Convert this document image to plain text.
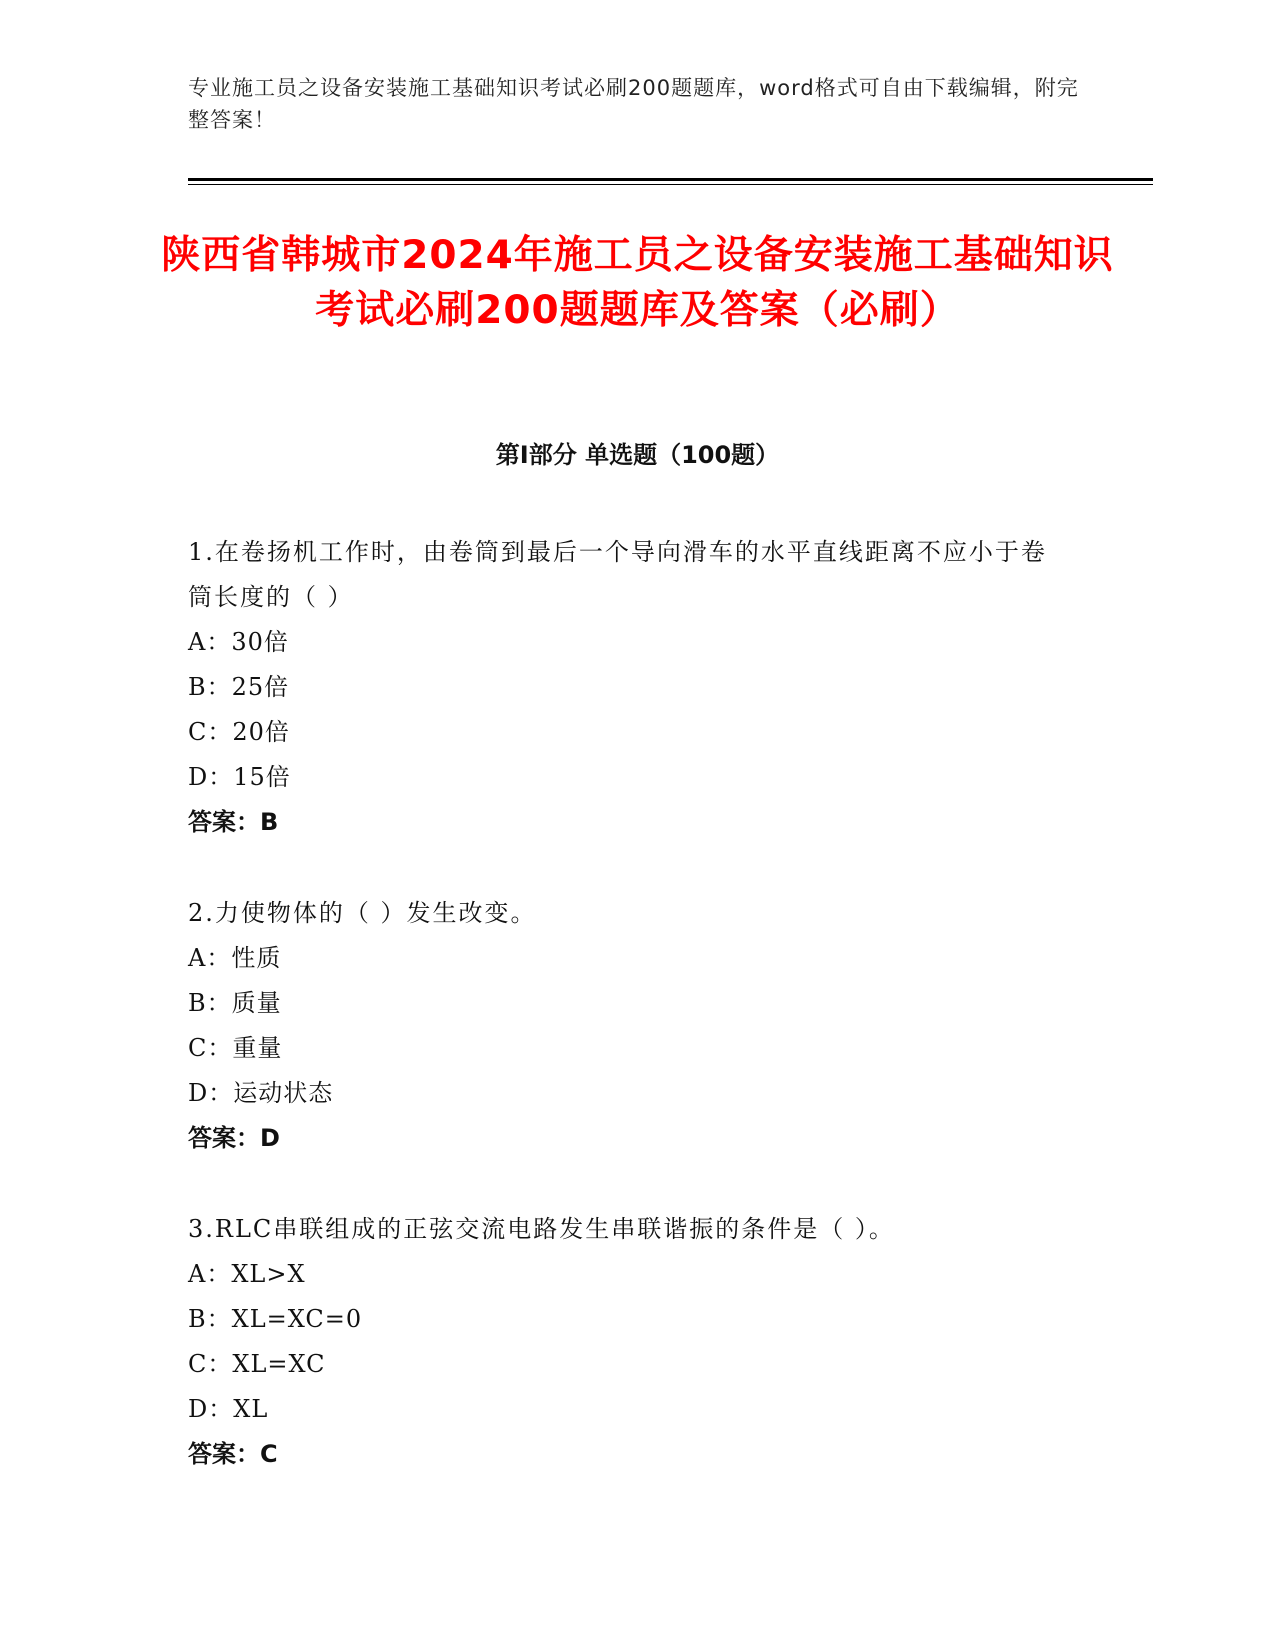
专业施工员之设备安装施工基础知识考试必刷200题题库，word格式可自由下载编辑，附完整答案！
陕西省韩城市2024年施工员之设备安装施工基础知识考试必刷200题题库及答案（必刷）
第I部分 单选题（100题）

1.在卷扬机工作时，由卷筒到最后一个导向滑车的水平直线距离不应小于卷筒长度的（ ）

A：30倍

B：25倍

C：20倍

D：15倍

答案：B

2.力使物体的（ ）发生改变。

A：性质

B：质量

C：重量

D：运动状态

答案：D

3.RLC串联组成的正弦交流电路发生串联谐振的条件是（ ）。

A：XL>X

B：XL=XC=0

C：XL=XC

D：XL

答案：C
